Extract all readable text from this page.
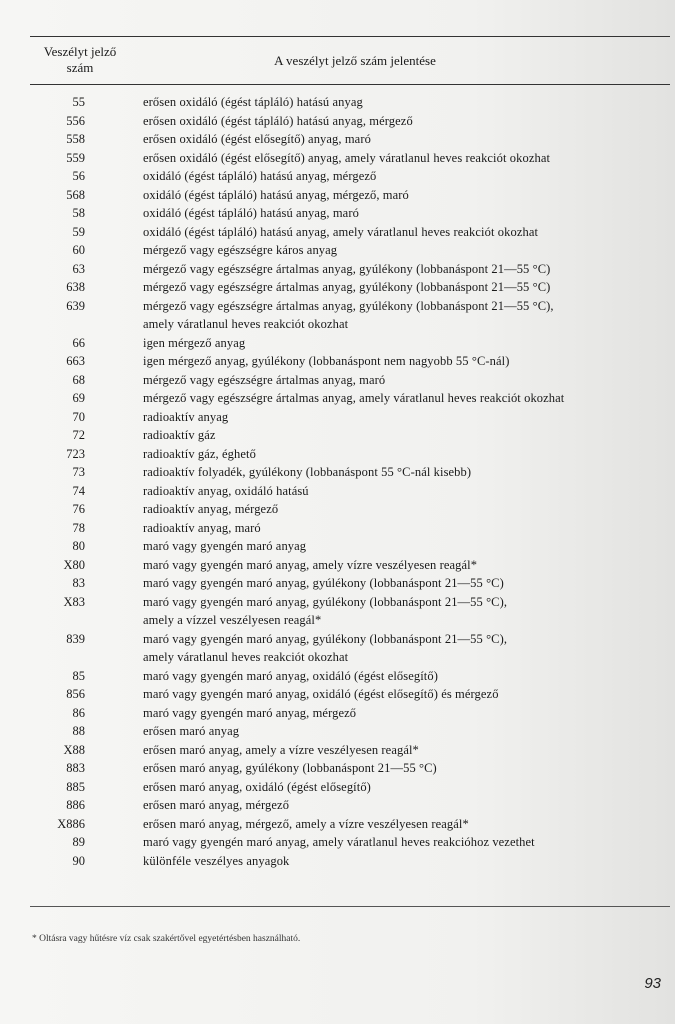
Veszélyt jelző
szám	A veszélyt jelző szám jelentése
55	erősen oxidáló (égést tápláló) hatású anyag
556	erősen oxidáló (égést tápláló) hatású anyag, mérgező
558	erősen oxidáló (égést elősegítő) anyag, maró
559	erősen oxidáló (égést elősegítő) anyag, amely váratlanul heves reakciót okozhat
56	oxidáló (égést tápláló) hatású anyag, mérgező
568	oxidáló (égést tápláló) hatású anyag, mérgező, maró
58	oxidáló (égést tápláló) hatású anyag, maró
59	oxidáló (égést tápláló) hatású anyag, amely váratlanul heves reakciót okozhat
60	mérgező vagy egészségre káros anyag
63	mérgező vagy egészségre ártalmas anyag, gyúlékony (lobbanáspont 21—55 °C)
638	mérgező vagy egészségre ártalmas anyag, gyúlékony (lobbanáspont 21—55 °C)
639	mérgező vagy egészségre ártalmas anyag, gyúlékony (lobbanáspont 21—55 °C),
amely váratlanul heves reakciót okozhat
66	igen mérgező anyag
663	igen mérgező anyag, gyúlékony (lobbanáspont nem nagyobb 55 °C-nál)
68	mérgező vagy egészségre ártalmas anyag, maró
69	mérgező vagy egészségre ártalmas anyag, amely váratlanul heves reakciót okozhat
70	radioaktív anyag
72	radioaktív gáz
723	radioaktív gáz, éghető
73	radioaktív folyadék, gyúlékony (lobbanáspont 55 °C-nál kisebb)
74	radioaktív anyag, oxidáló hatású
76	radioaktív anyag, mérgező
78	radioaktív anyag, maró
80	maró vagy gyengén maró anyag
X80	maró vagy gyengén maró anyag, amely vízre veszélyesen reagál*
83	maró vagy gyengén maró anyag, gyúlékony (lobbanáspont 21—55 °C)
X83	maró vagy gyengén maró anyag, gyúlékony (lobbanáspont 21—55 °C),
amely a vízzel veszélyesen reagál*
839	maró vagy gyengén maró anyag, gyúlékony (lobbanáspont 21—55 °C),
amely váratlanul heves reakciót okozhat
85	maró vagy gyengén maró anyag, oxidáló (égést elősegítő)
856	maró vagy gyengén maró anyag, oxidáló (égést elősegítő) és mérgező
86	maró vagy gyengén maró anyag, mérgező
88	erősen maró anyag
X88	erősen maró anyag, amely a vízre veszélyesen reagál*
883	erősen maró anyag, gyúlékony (lobbanáspont 21—55 °C)
885	erősen maró anyag, oxidáló (égést elősegítő)
886	erősen maró anyag, mérgező
X886	erősen maró anyag, mérgező, amely a vízre veszélyesen reagál*
89	maró vagy gyengén maró anyag, amely váratlanul heves reakcióhoz vezethet
90	különféle veszélyes anyagok
* Oltásra vagy hűtésre víz csak szakértővel egyetértésben használható.
93
